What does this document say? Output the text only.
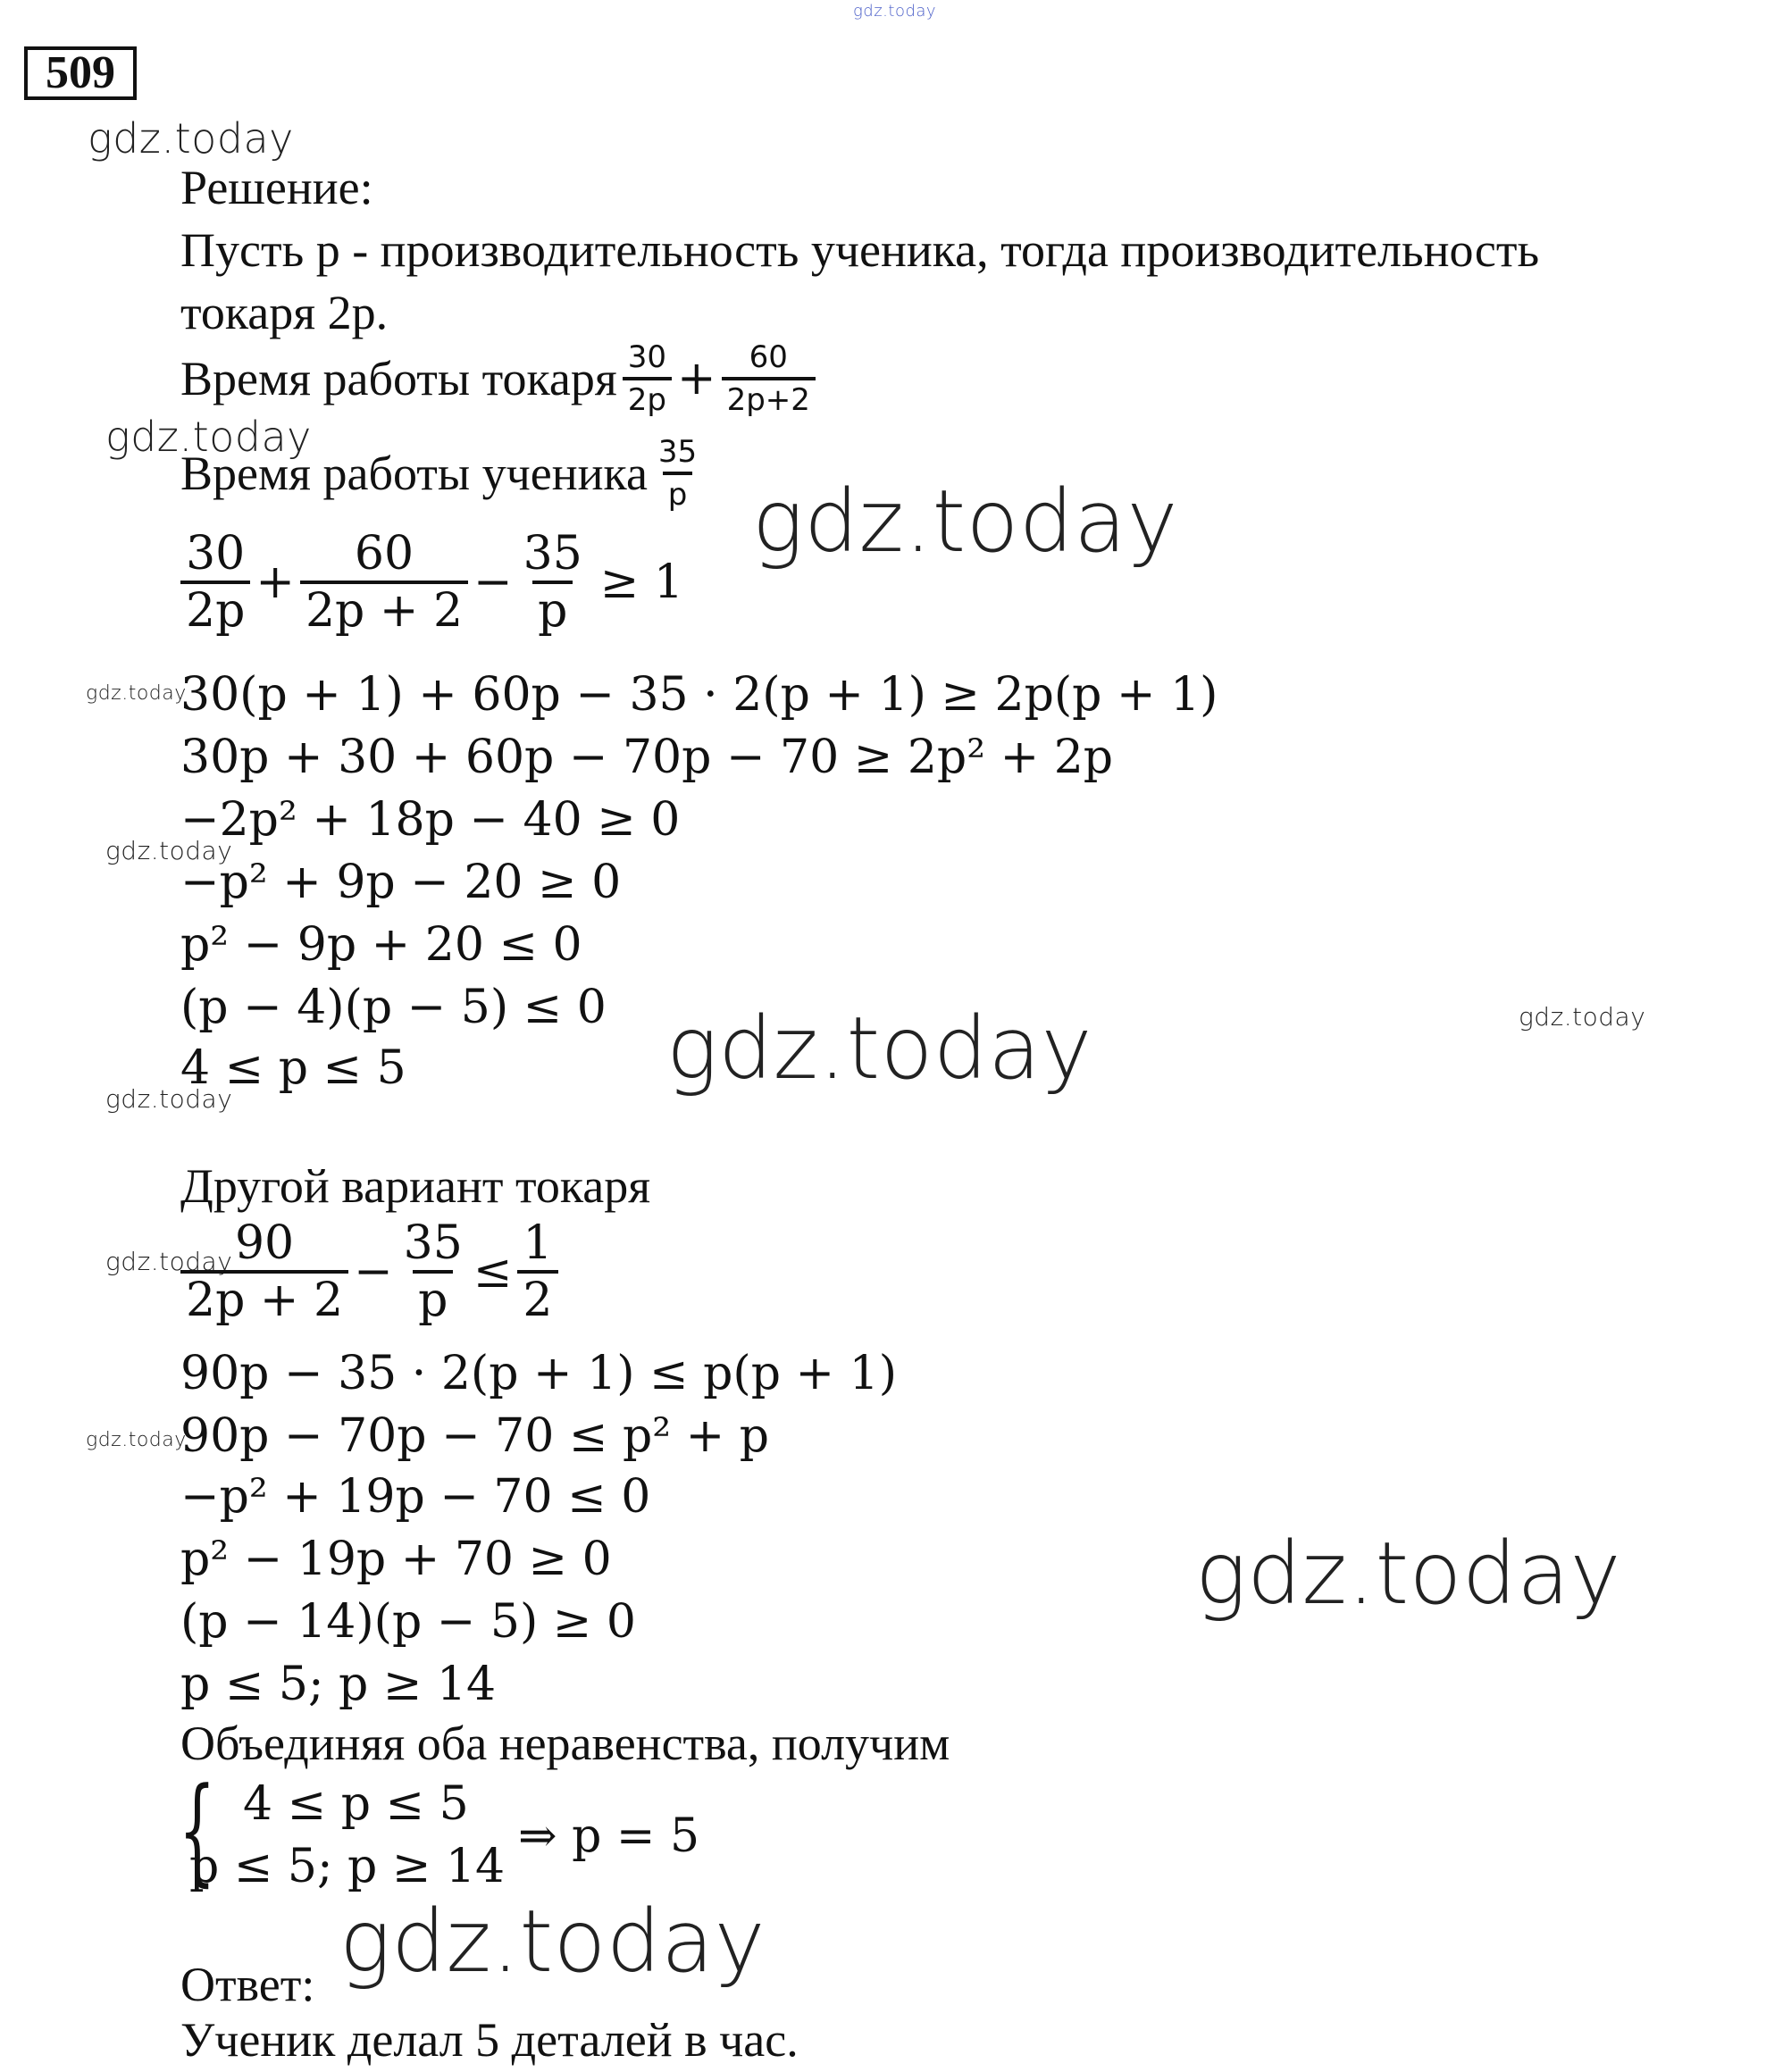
gdz.today
gdz.today
gdz.today
gdz.today
gdz.today
gdz.today
gdz.today
gdz.today
gdz.today
gdz.today
gdz.today
gdz.today
gdz.today
509
Решение:
Пусть p - производительность ученика, тогда производительность
токаря 2p.
Время работы токаря $\frac{30}{2p} + \frac{60}{2p+2}$
Время работы ученика $\frac{35}{p}$
$\frac{30}{2p} + \frac{60}{2p + 2} - \frac{35}{p} \ge 1$
30(p + 1) + 60p − 35 · 2(p + 1) ≥ 2p(p + 1)
30p + 30 + 60p − 70p − 70 ≥ 2p² + 2p
−2p² + 18p − 40 ≥ 0
−p² + 9p − 20 ≥ 0
p² − 9p + 20 ≤ 0
(p − 4)(p − 5) ≤ 0
4 ≤ p ≤ 5
Другой вариант токаря
$\frac{90}{2p + 2} - \frac{35}{p} \le \frac{1}{2}$
90p − 35 · 2(p + 1) ≤ p(p + 1)
90p − 70p − 70 ≤ p² + p
−p² + 19p − 70 ≤ 0
p² − 19p + 70 ≥ 0
(p − 14)(p − 5) ≥ 0
p ≤ 5; p ≥ 14
Объединяя оба неравенства, получим
{ 4 ≤ p ≤ 5
p ≤ 5; p ≥ 14
⇒ p = 5
Ответ:
Ученик делал 5 деталей в час.
